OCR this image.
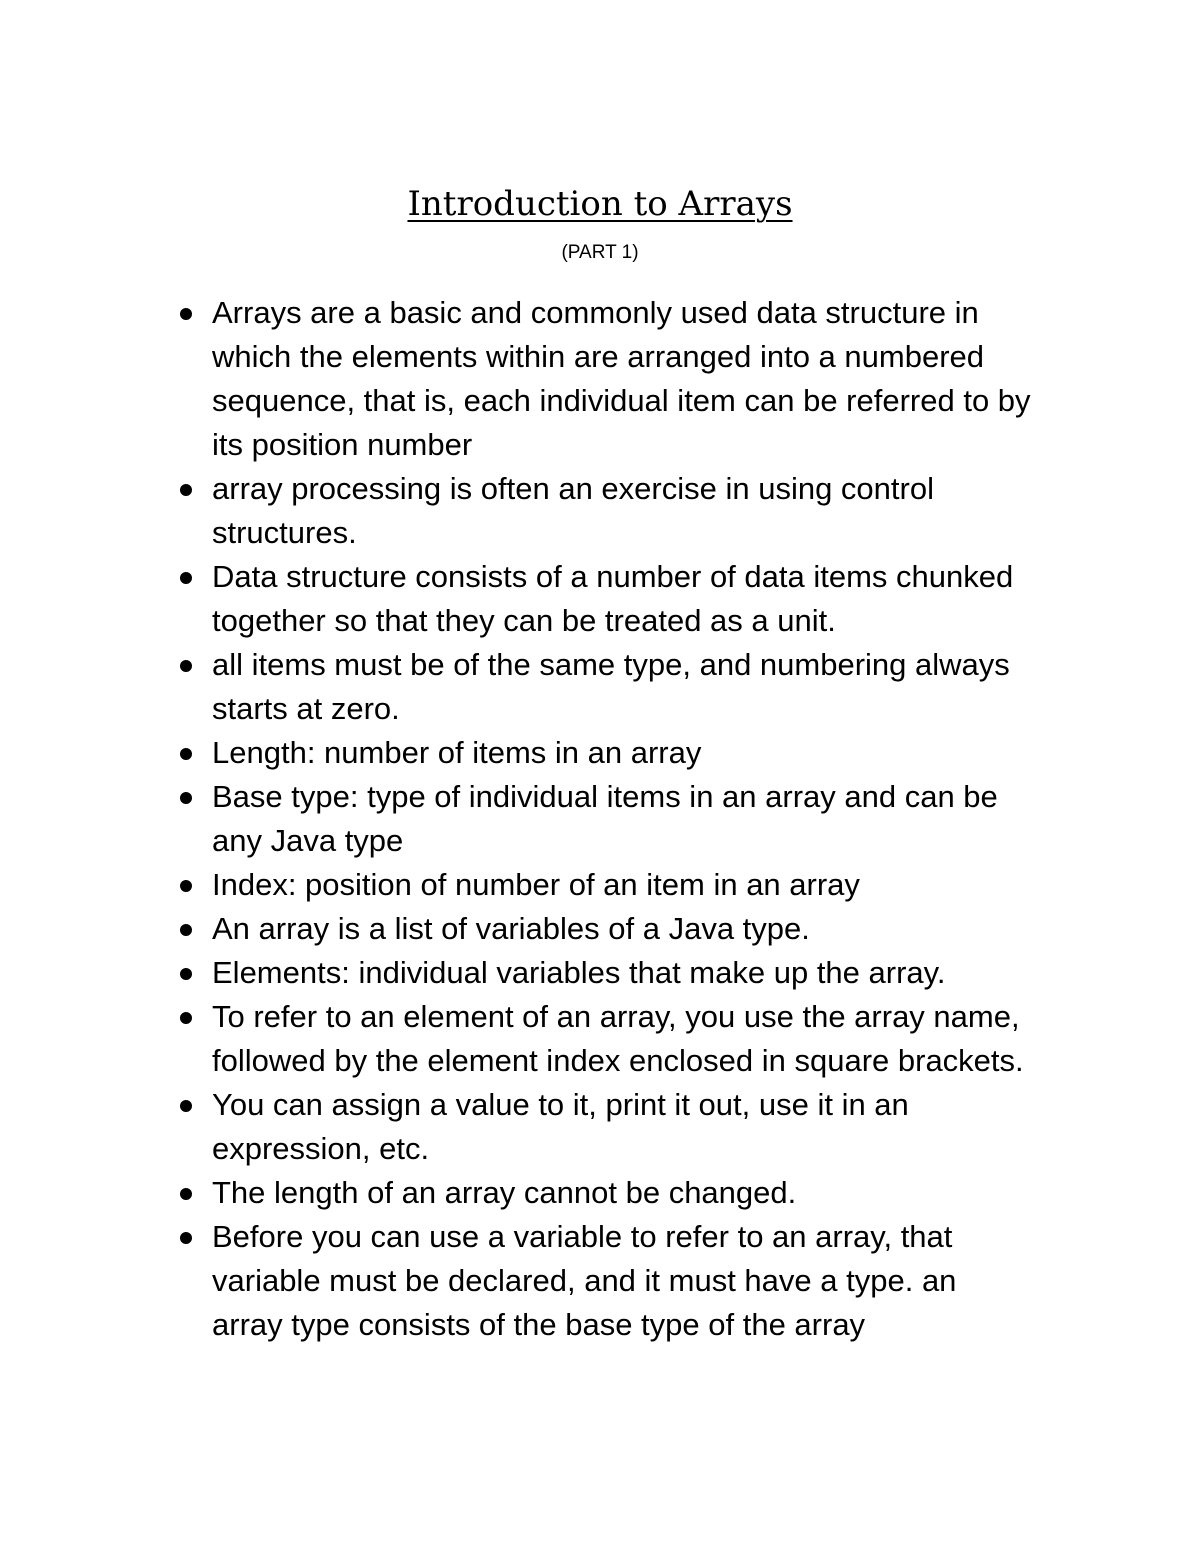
Introduction to Arrays
(PART 1)
Arrays are a basic and commonly used data structure in which the elements within are arranged into a numbered sequence, that is, each individual item can be referred to by its position number
array processing is often an exercise in using control structures.
Data structure consists of a number of data items chunked together so that they can be treated as a unit.
all items must be of the same type, and numbering always starts at zero.
Length: number of items in an array
Base type: type of individual items in an array and can be any Java type
Index: position of number of an item in an array
An array is a list of variables of a Java type.
Elements: individual variables that make up the array.
To refer to an element of an array, you use the array name, followed by the element index enclosed in square brackets.
You can assign a value to it, print it out, use it in an expression, etc.
The length of an array cannot be changed.
Before you can use a variable to refer to an array, that variable must be declared, and it must have a type. an array type consists of the base type of the array
